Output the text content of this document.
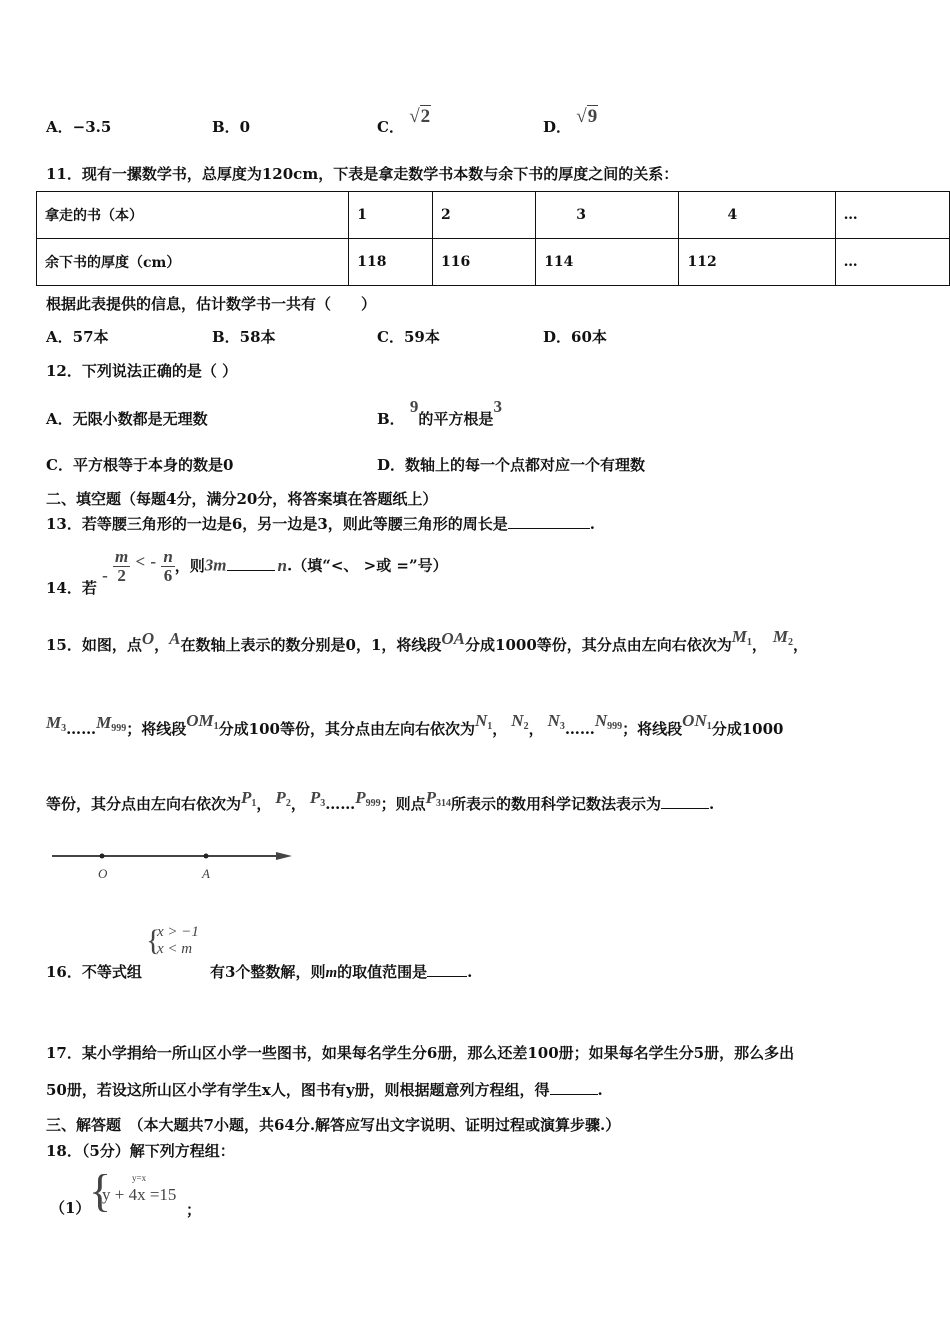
A．−3.5	B．0	C． √2	D． √9
11．现有一摞数学书，总厚度为120cm，下表是拿走数学书本数与余下书的厚度之间的关系：
拿走的书（本）	1	2	3	4	…
余下书的厚度（cm）	118	116	114	112	…
根据此表提供的信息，估计数学书一共有（　　）
A．57本	B．58本	C．59本	D．60本
12．下列说法正确的是（ ）
A．无限小数都是无理数	B． 9的平方根是3
C．平方根等于本身的数是0	D．数轴上的每一个点都对应一个有理数
二、填空题（每题4分，满分20分，将答案填在答题纸上）
13．若等腰三角形的一边是6，另一边是3，则此等腰三角形的周长是	.
14．若 - $\frac{m}{2}$ < - $\frac{n}{6}$ ，则3m	n.（填“<、 >或 =”号）
15．如图，点O，A在数轴上表示的数分别是0，1，将线段OA分成1000等份，其分点由左向右依次为$M_1$， $M_2$，
$M_3\dots\dots M_{999}$；将线段$OM_1$分成100等份，其分点由左向右依次为$N_1$， $N_2$， $N_3\dots\dots N_{999}$；将线段$ON_1$分成1000
等份，其分点由左向右依次为$P_1$， $P_2$， $P_3\dots\dots P_{999}$；则点$P_{314}$所表示的数用科学记数法表示为	.
O	A
16．不等式组
{
x > −1
x < m
有3个整数解，则m的取值范围是	.
17．某小学捐给一所山区小学一些图书，如果每名学生分6册，那么还差100册；如果每名学生分5册，那么多出
50册，若设这所山区小学有学生x人，图书有y册，则根据题意列方程组，得	.
三、解答题　（本大题共7小题，共64分.解答应写出文字说明、证明过程或演算步骤.）
18．（5分）解下列方程组：
（1）
{ y=x
y + 4x =15
；
